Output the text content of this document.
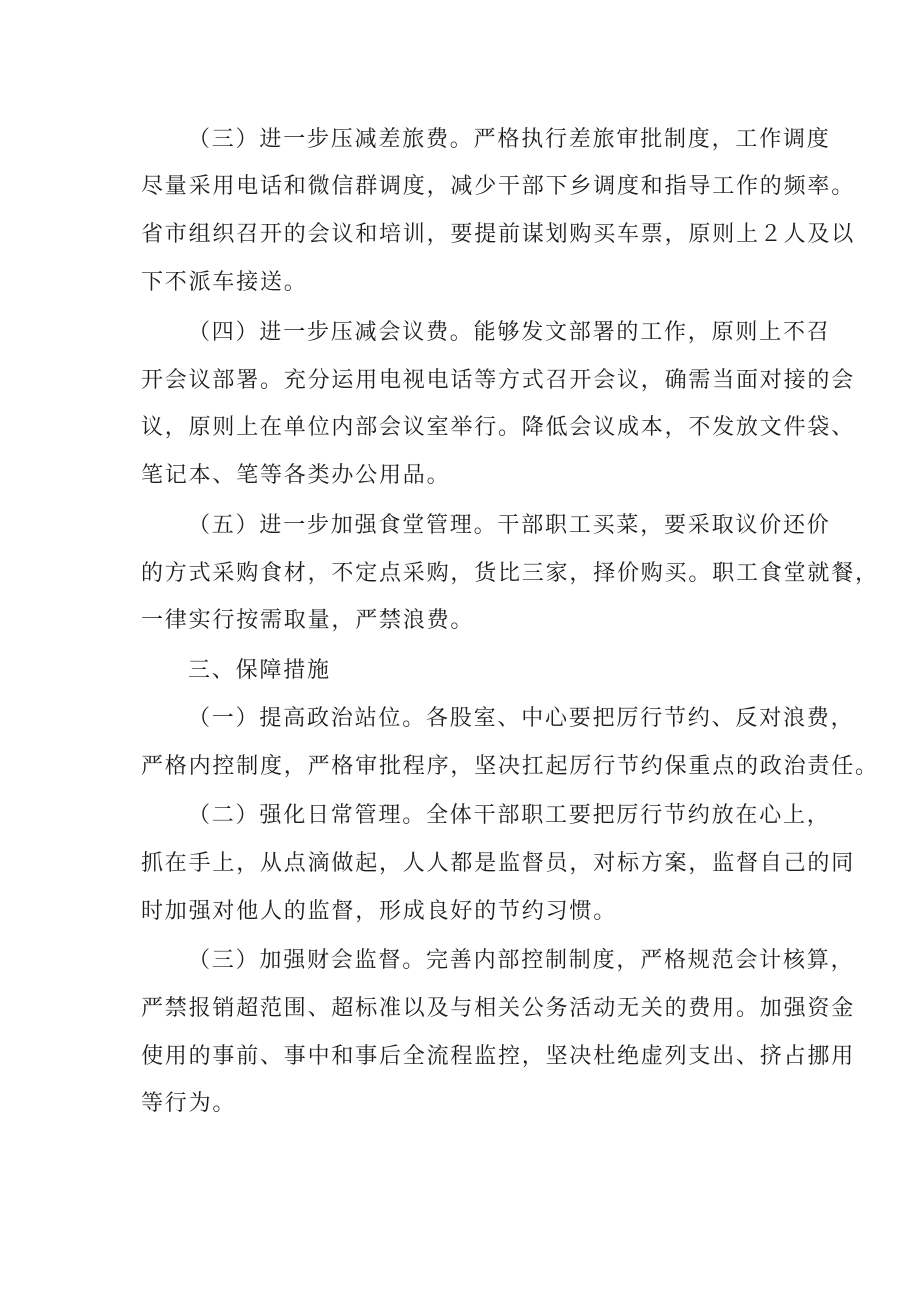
（三）进一步压减差旅费。严格执行差旅审批制度，工作调度
尽量采用电话和微信群调度，减少干部下乡调度和指导工作的频率。
省市组织召开的会议和培训，要提前谋划购买车票，原则上２人及以
下不派车接送。
（四）进一步压减会议费。能够发文部署的工作，原则上不召
开会议部署。充分运用电视电话等方式召开会议，确需当面对接的会
议，原则上在单位内部会议室举行。降低会议成本，不发放文件袋、
笔记本、笔等各类办公用品。
（五）进一步加强食堂管理。干部职工买菜，要采取议价还价
的方式采购食材，不定点采购，货比三家，择价购买。职工食堂就餐，
一律实行按需取量，严禁浪费。
三、保障措施
（一）提高政治站位。各股室、中心要把厉行节约、反对浪费，
严格内控制度，严格审批程序，坚决扛起厉行节约保重点的政治责任。
（二）强化日常管理。全体干部职工要把厉行节约放在心上，
抓在手上，从点滴做起，人人都是监督员，对标方案，监督自己的同
时加强对他人的监督，形成良好的节约习惯。
（三）加强财会监督。完善内部控制制度，严格规范会计核算，
严禁报销超范围、超标准以及与相关公务活动无关的费用。加强资金
使用的事前、事中和事后全流程监控，坚决杜绝虚列支出、挤占挪用
等行为。
